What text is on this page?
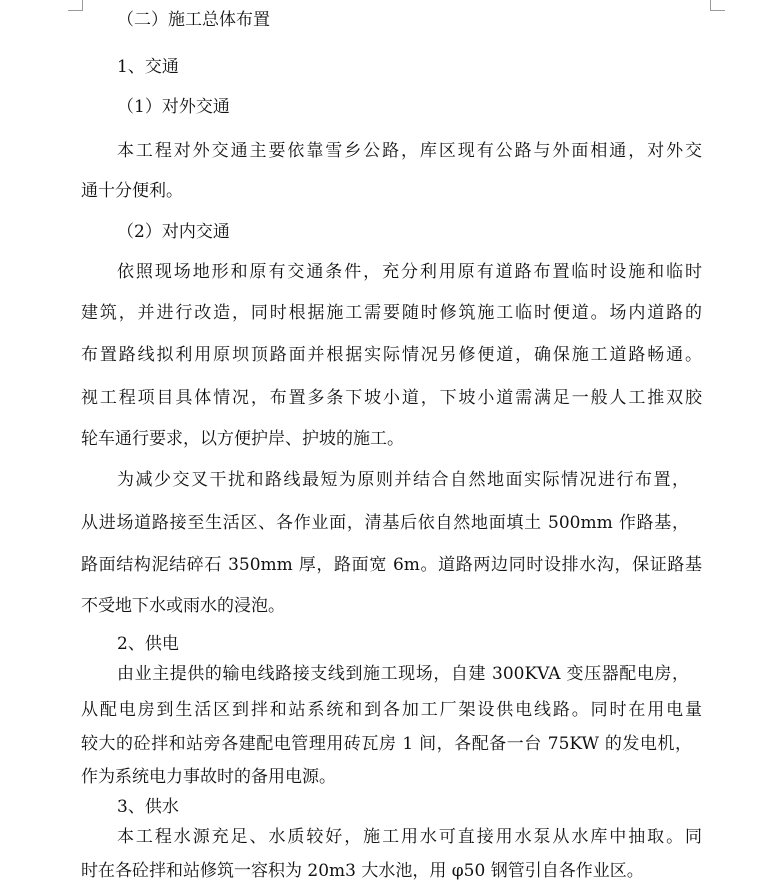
（二）施工总体布置
1、交通
（1）对外交通
本工程对外交通主要依靠雪乡公路，库区现有公路与外面相通，对外交
通十分便利。
（2）对内交通
依照现场地形和原有交通条件，充分利用原有道路布置临时设施和临时
建筑，并进行改造，同时根据施工需要随时修筑施工临时便道。场内道路的
布置路线拟利用原坝顶路面并根据实际情况另修便道，确保施工道路畅通。
视工程项目具体情况，布置多条下坡小道，下坡小道需满足一般人工推双胶
轮车通行要求，以方便护岸、护坡的施工。
为减少交叉干扰和路线最短为原则并结合自然地面实际情况进行布置，
从进场道路接至生活区、各作业面，清基后依自然地面填土 500mm 作路基，
路面结构泥结碎石 350mm 厚，路面宽 6m。道路两边同时设排水沟，保证路基
不受地下水或雨水的浸泡。
2、供电
由业主提供的输电线路接支线到施工现场，自建 300KVA 变压器配电房，
从配电房到生活区到拌和站系统和到各加工厂架设供电线路。同时在用电量
较大的砼拌和站旁各建配电管理用砖瓦房 1 间，各配备一台 75KW 的发电机，
作为系统电力事故时的备用电源。
3、供水
本工程水源充足、水质较好，施工用水可直接用水泵从水库中抽取。同
时在各砼拌和站修筑一容积为 20m3 大水池，用 φ50 钢管引自各作业区。
